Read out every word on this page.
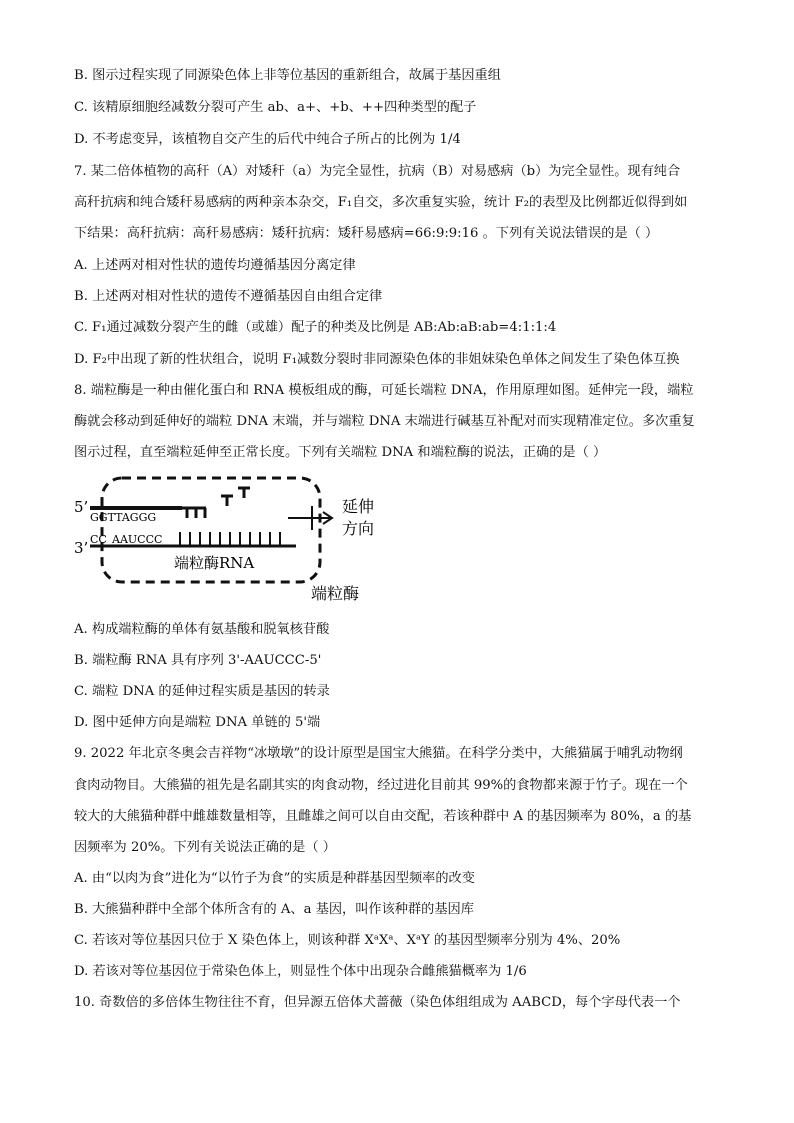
B. 图示过程实现了同源染色体上非等位基因的重新组合，故属于基因重组
C. 该精原细胞经减数分裂可产生 ab、a+、+b、++四种类型的配子
D. 不考虑变异，该植物自交产生的后代中纯合子所占的比例为 1/4
7. 某二倍体植物的高秆（A）对矮秆（a）为完全显性，抗病（B）对易感病（b）为完全显性。现有纯合
高秆抗病和纯合矮秆易感病的两种亲本杂交，F₁自交，多次重复实验，统计 F₂的表型及比例都近似得到如
下结果：高秆抗病：高秆易感病：矮秆抗病：矮秆易感病=66:9:9:16 。下列有关说法错误的是（ ）
A. 上述两对相对性状的遗传均遵循基因分离定律
B. 上述两对相对性状的遗传不遵循基因自由组合定律
C. F₁通过减数分裂产生的雌（或雄）配子的种类及比例是 AB:Ab:aB:ab=4:1:1:4
D. F₂中出现了新的性状组合，说明 F₁减数分裂时非同源染色体的非姐妹染色单体之间发生了染色体互换
8. 端粒酶是一种由催化蛋白和 RNA 模板组成的酶，可延长端粒 DNA，作用原理如图。延伸完一段，端粒
酶就会移动到延伸好的端粒 DNA 末端，并与端粒 DNA 末端进行碱基互补配对而实现精准定位。多次重复
图示过程，直至端粒延伸至正常长度。下列有关端粒 DNA 和端粒酶的说法，正确的是（ ）
A. 构成端粒酶的单体有氨基酸和脱氧核苷酸
B. 端粒酶 RNA 具有序列 3'-AAUCCC-5'
C. 端粒 DNA 的延伸过程实质是基因的转录
D. 图中延伸方向是端粒 DNA 单链的 5'端
9. 2022 年北京冬奥会吉祥物“冰墩墩”的设计原型是国宝大熊猫。在科学分类中，大熊猫属于哺乳动物纲
食肉动物目。大熊猫的祖先是名副其实的肉食动物，经过进化目前其 99%的食物都来源于竹子。现在一个
较大的大熊猫种群中雌雄数量相等，且雌雄之间可以自由交配，若该种群中 A 的基因频率为 80%，a 的基
因频率为 20%。下列有关说法正确的是（ ）
A. 由“以肉为食”进化为“以竹子为食”的实质是种群基因型频率的改变
B. 大熊猫种群中全部个体所含有的 A、a 基因，叫作该种群的基因库
C. 若该对等位基因只位于 X 染色体上，则该种群 XᵃXᵃ、XᵃY 的基因型频率分别为 4%、20%
D. 若该对等位基因位于常染色体上，则显性个体中出现杂合雌熊猫概率为 1/6
10. 奇数倍的多倍体生物往往不育，但异源五倍体犬蔷薇（染色体组组成为 AABCD，每个字母代表一个
5’
GGTTAGGG
3’ CC AAUCCC
端粒酶RNA
延伸
方向
端粒酶
